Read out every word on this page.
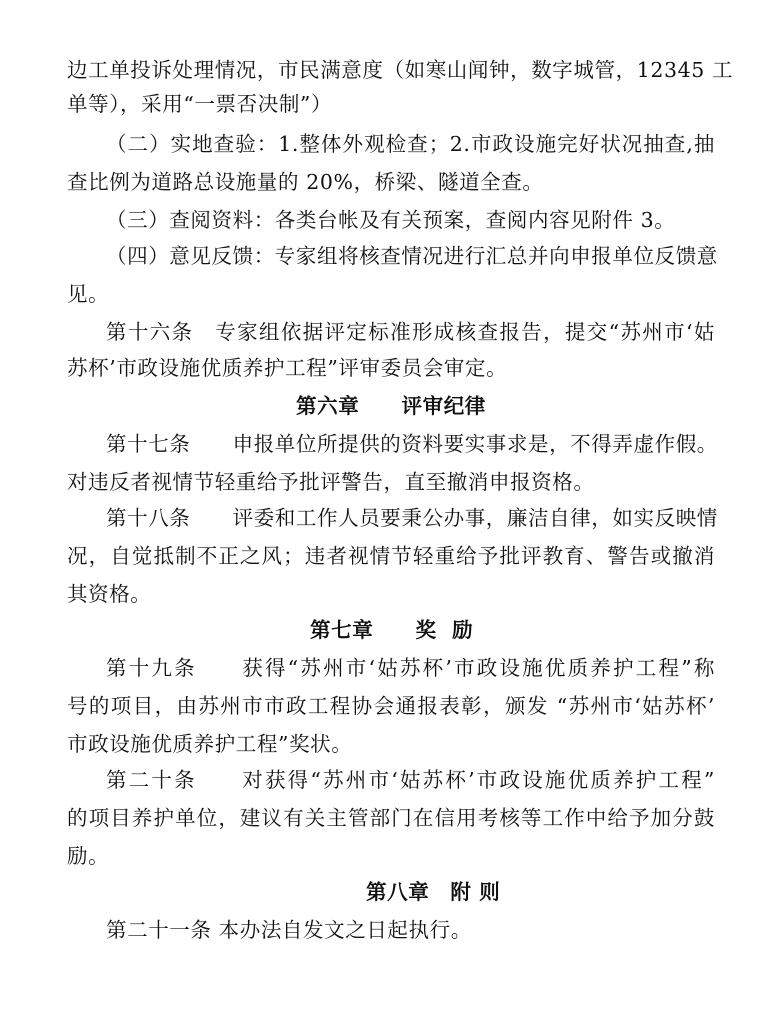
边工单投诉处理情况，市民满意度（如寒山闻钟，数字城管，12345 工

单等），采用“一票否决制”）

（二）实地查验：1.整体外观检查；2.市政设施完好状况抽查,抽

查比例为道路总设施量的 20%，桥梁、隧道全查。

（三）查阅资料：各类台帐及有关预案，查阅内容见附件 3。

（四）意见反馈：专家组将核查情况进行汇总并向申报单位反馈意

见。

第十六条　专家组依据评定标准形成核查报告，提交“苏州市‘姑

苏杯’市政设施优质养护工程”评审委员会审定。

第六章　　评审纪律

第十七条　　申报单位所提供的资料要实事求是，不得弄虚作假。

对违反者视情节轻重给予批评警告，直至撤消申报资格。

第十八条　　评委和工作人员要秉公办事，廉洁自律，如实反映情

况，自觉抵制不正之风；违者视情节轻重给予批评教育、警告或撤消

其资格。

第七章　　奖  励

第十九条　　获得“苏州市‘姑苏杯’市政设施优质养护工程”称

号的项目，由苏州市市政工程协会通报表彰，颁发 “苏州市‘姑苏杯’

市政设施优质养护工程”奖状。

第二十条　　对获得“苏州市‘姑苏杯’市政设施优质养护工程”

的项目养护单位，建议有关主管部门在信用考核等工作中给予加分鼓

励。

第八章　附 则

第二十一条 本办法自发文之日起执行。
